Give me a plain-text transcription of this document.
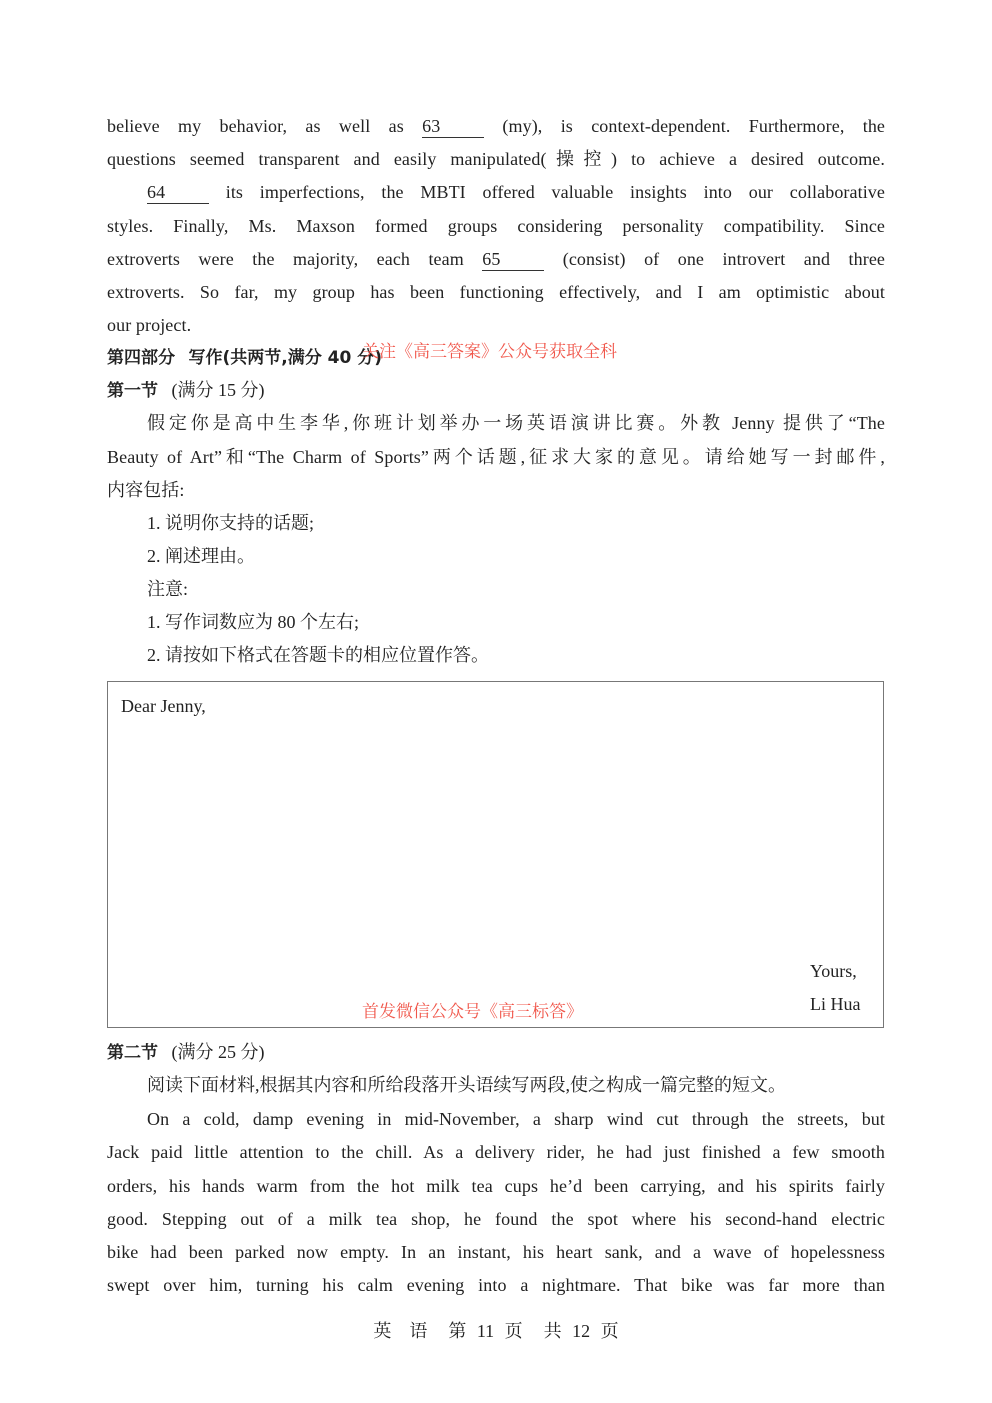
believe my behavior, as well as 63 (my), is context-dependent. Furthermore, the
questions seemed transparent and easily manipulated(操控) to achieve a desired outcome.
64 its imperfections, the MBTI offered valuable insights into our collaborative
styles. Finally, Ms. Maxson formed groups considering personality compatibility. Since
extroverts were the majority, each team 65 (consist) of one introvert and three
extroverts. So far, my group has been functioning effectively, and I am optimistic about
our project.
第四部分 写作(共两节,满分 40 分)
关注《高三答案》公众号获取全科
第一节 (满分 15 分)
假定你是高中生李华,你班计划举办一场英语演讲比赛。外教 Jenny 提供了“The
Beauty of Art”和“The Charm of Sports”两个话题,征求大家的意见。请给她写一封邮件,
内容包括:
1. 说明你支持的话题;
2. 阐述理由。
注意:
1. 写作词数应为 80 个左右;
2. 请按如下格式在答题卡的相应位置作答。
Dear Jenny,
Yours,
Li Hua
首发微信公众号《高三标答》
第二节 (满分 25 分)
阅读下面材料,根据其内容和所给段落开头语续写两段,使之构成一篇完整的短文。
On a cold, damp evening in mid-November, a sharp wind cut through the streets, but
Jack paid little attention to the chill. As a delivery rider, he had just finished a few smooth
orders, his hands warm from the hot milk tea cups he’d been carrying, and his spirits fairly
good. Stepping out of a milk tea shop, he found the spot where his second-hand electric
bike had been parked now empty. In an instant, his heart sank, and a wave of hopelessness
swept over him, turning his calm evening into a nightmare. That bike was far more than
英　语 第 11 页 共 12 页
